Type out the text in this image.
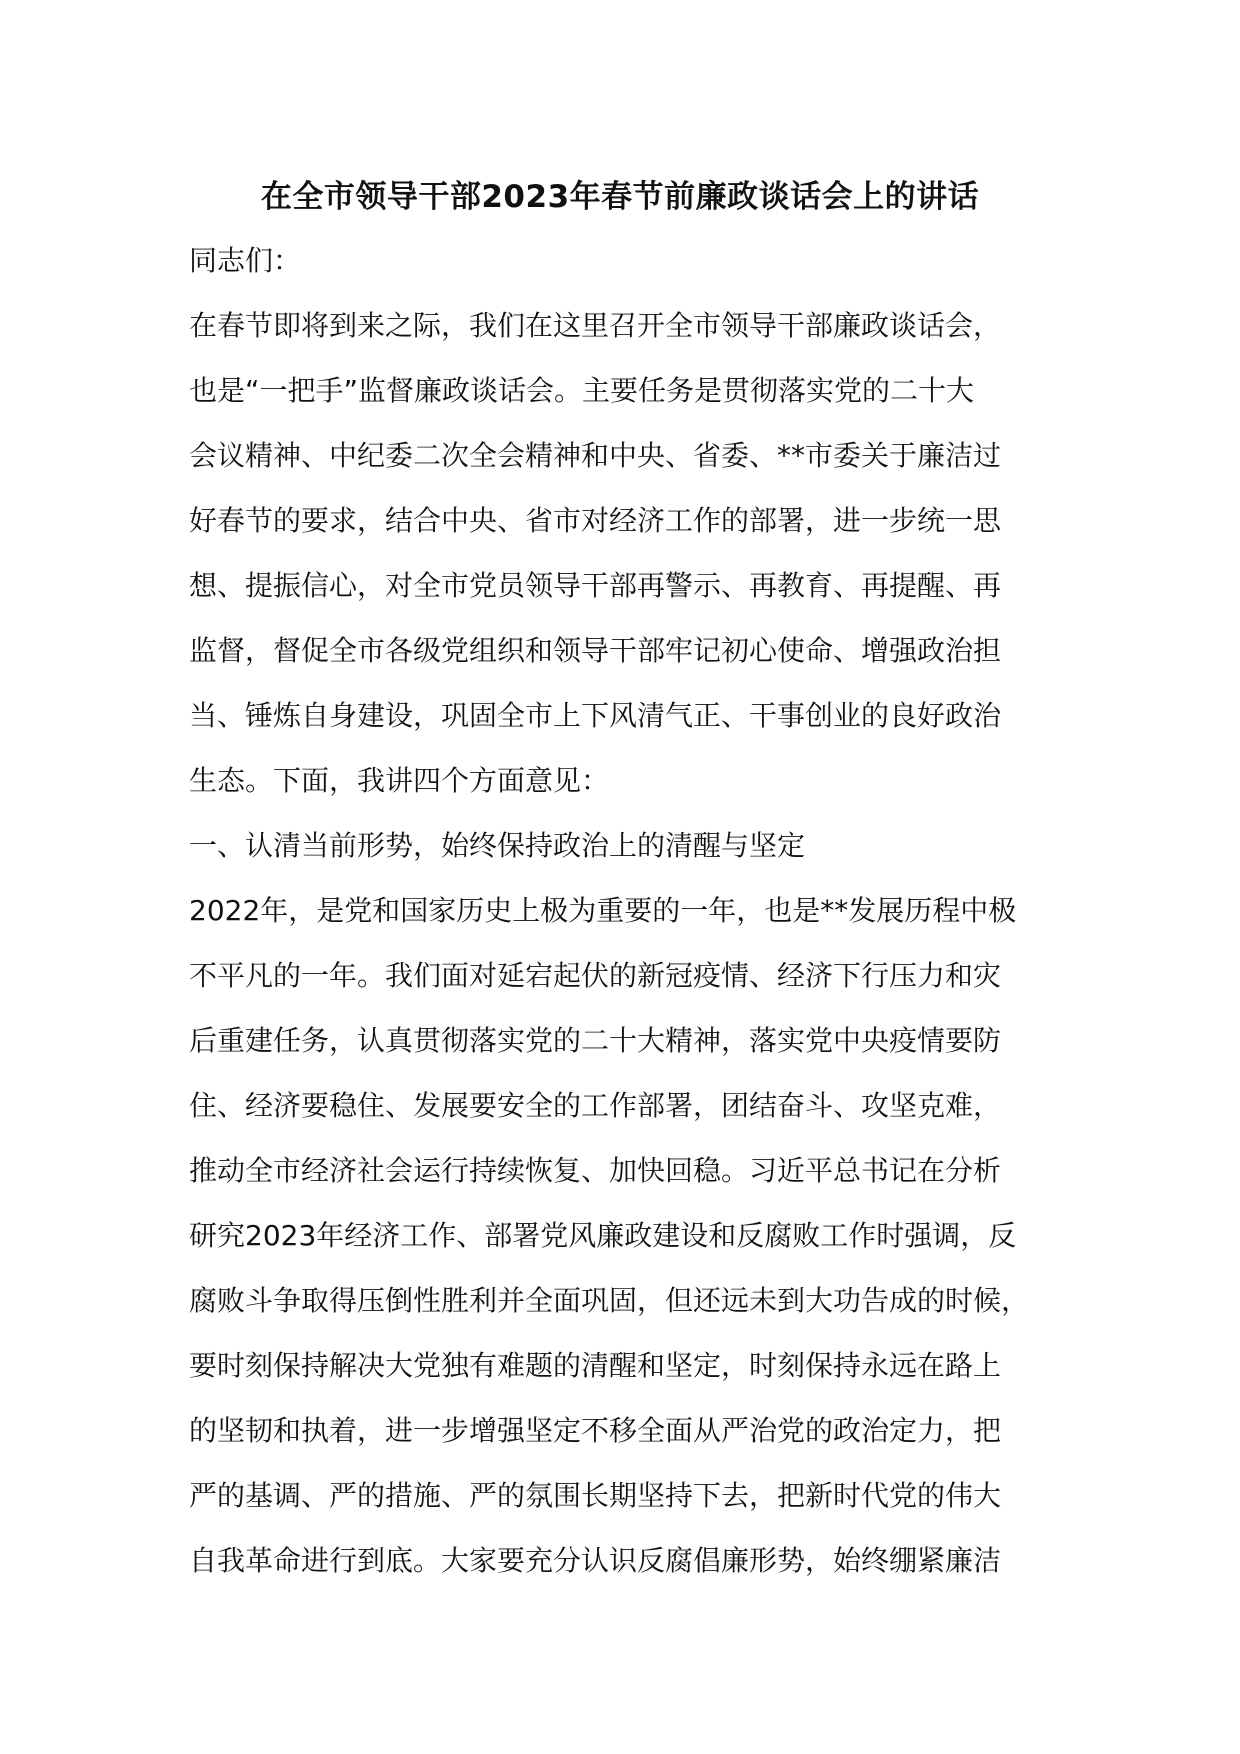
在全市领导干部2023年春节前廉政谈话会上的讲话
同志们：
在春节即将到来之际，我们在这里召开全市领导干部廉政谈话会，
也是“一把手”监督廉政谈话会。主要任务是贯彻落实党的二十大
会议精神、中纪委二次全会精神和中央、省委、**市委关于廉洁过
好春节的要求，结合中央、省市对经济工作的部署，进一步统一思
想、提振信心，对全市党员领导干部再警示、再教育、再提醒、再
监督，督促全市各级党组织和领导干部牢记初心使命、增强政治担
当、锤炼自身建设，巩固全市上下风清气正、干事创业的良好政治
生态。下面，我讲四个方面意见：
一、认清当前形势，始终保持政治上的清醒与坚定
2022年，是党和国家历史上极为重要的一年，也是**发展历程中极
不平凡的一年。我们面对延宕起伏的新冠疫情、经济下行压力和灾
后重建任务，认真贯彻落实党的二十大精神，落实党中央疫情要防
住、经济要稳住、发展要安全的工作部署，团结奋斗、攻坚克难，
推动全市经济社会运行持续恢复、加快回稳。习近平总书记在分析
研究2023年经济工作、部署党风廉政建设和反腐败工作时强调，反
腐败斗争取得压倒性胜利并全面巩固，但还远未到大功告成的时候，
要时刻保持解决大党独有难题的清醒和坚定，时刻保持永远在路上
的坚韧和执着，进一步增强坚定不移全面从严治党的政治定力，把
严的基调、严的措施、严的氛围长期坚持下去，把新时代党的伟大
自我革命进行到底。大家要充分认识反腐倡廉形势，始终绷紧廉洁
